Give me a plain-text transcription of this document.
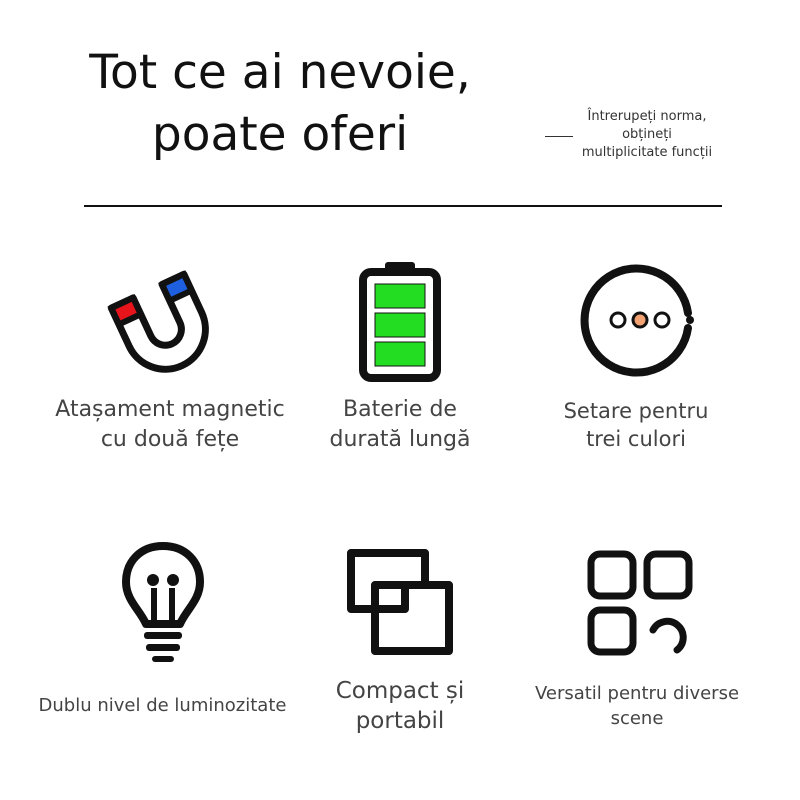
Tot ce ai nevoie,
poate oferi	Întrerupeți norma,
obțineți
multiplicitate funcții
Atașament magnetic
cu două fețe
Baterie de
durată lungă
Setare pentru
trei culori
Dublu nivel de luminozitate
Compact și
portabil
Versatil pentru diverse
scene
